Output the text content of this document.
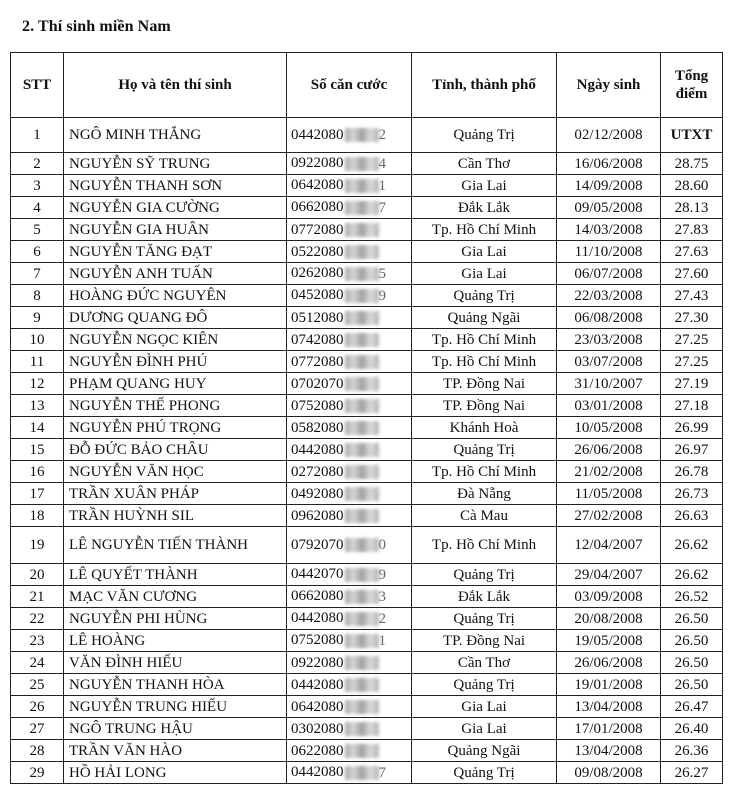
2. Thí sinh miền Nam
STT	Họ và tên thí sinh	Số căn cước	Tỉnh, thành phố	Ngày sinh	Tổng
điểm

1	NGÔ MINH THẮNG	0442080 2	Quảng Trị	02/12/2008	UTXT
2	NGUYỄN SỸ TRUNG	0922080 4	Cần Thơ	16/06/2008	28.75
3	NGUYỄN THANH SƠN	0642080 1	Gia Lai	14/09/2008	28.60
4	NGUYỄN GIA CƯỜNG	0662080 7	Đắk Lắk	09/05/2008	28.13
5	NGUYỄN GIA HUÂN	0772080	Tp. Hồ Chí Minh	14/03/2008	27.83
6	NGUYỄN TĂNG ĐẠT	0522080	Gia Lai	11/10/2008	27.63
7	NGUYỄN ANH TUẤN	0262080 5	Gia Lai	06/07/2008	27.60
8	HOÀNG ĐỨC NGUYÊN	0452080 9	Quảng Trị	22/03/2008	27.43
9	DƯƠNG QUANG ĐÔ	0512080	Quảng Ngãi	06/08/2008	27.30
10	NGUYỄN NGỌC KIÊN	0742080	Tp. Hồ Chí Minh	23/03/2008	27.25
11	NGUYỄN ĐÌNH PHÚ	0772080	Tp. Hồ Chí Minh	03/07/2008	27.25
12	PHẠM QUANG HUY	0702070	TP. Đồng Nai	31/10/2007	27.19
13	NGUYỄN THẾ PHONG	0752080	TP. Đồng Nai	03/01/2008	27.18
14	NGUYỄN PHÚ TRỌNG	0582080	Khánh Hoà	10/05/2008	26.99
15	ĐỖ ĐỨC BẢO CHÂU	0442080	Quảng Trị	26/06/2008	26.97
16	NGUYỄN VĂN HỌC	0272080	Tp. Hồ Chí Minh	21/02/2008	26.78
17	TRẦN XUÂN PHÁP	0492080	Đà Nẵng	11/05/2008	26.73
18	TRẦN HUỲNH SIL	0962080	Cà Mau	27/02/2008	26.63
19	LÊ NGUYỄN TIẾN THÀNH	0792070 0	Tp. Hồ Chí Minh	12/04/2007	26.62
20	LÊ QUYẾT THÀNH	0442070 9	Quảng Trị	29/04/2007	26.62
21	MẠC VĂN CƯƠNG	0662080 3	Đắk Lắk	03/09/2008	26.52
22	NGUYỄN PHI HÙNG	0442080 2	Quảng Trị	20/08/2008	26.50
23	LÊ HOÀNG	0752080 1	TP. Đồng Nai	19/05/2008	26.50
24	VĂN ĐÌNH HIẾU	0922080	Cần Thơ	26/06/2008	26.50
25	NGUYỄN THANH HÒA	0442080	Quảng Trị	19/01/2008	26.50
26	NGUYỄN TRUNG HIẾU	0642080	Gia Lai	13/04/2008	26.47
27	NGÔ TRUNG HẬU	0302080	Gia Lai	17/01/2008	26.40
28	TRẦN VĂN HÀO	0622080	Quảng Ngãi	13/04/2008	26.36
29	HỒ HẢI LONG	0442080 7	Quảng Trị	09/08/2008	26.27
